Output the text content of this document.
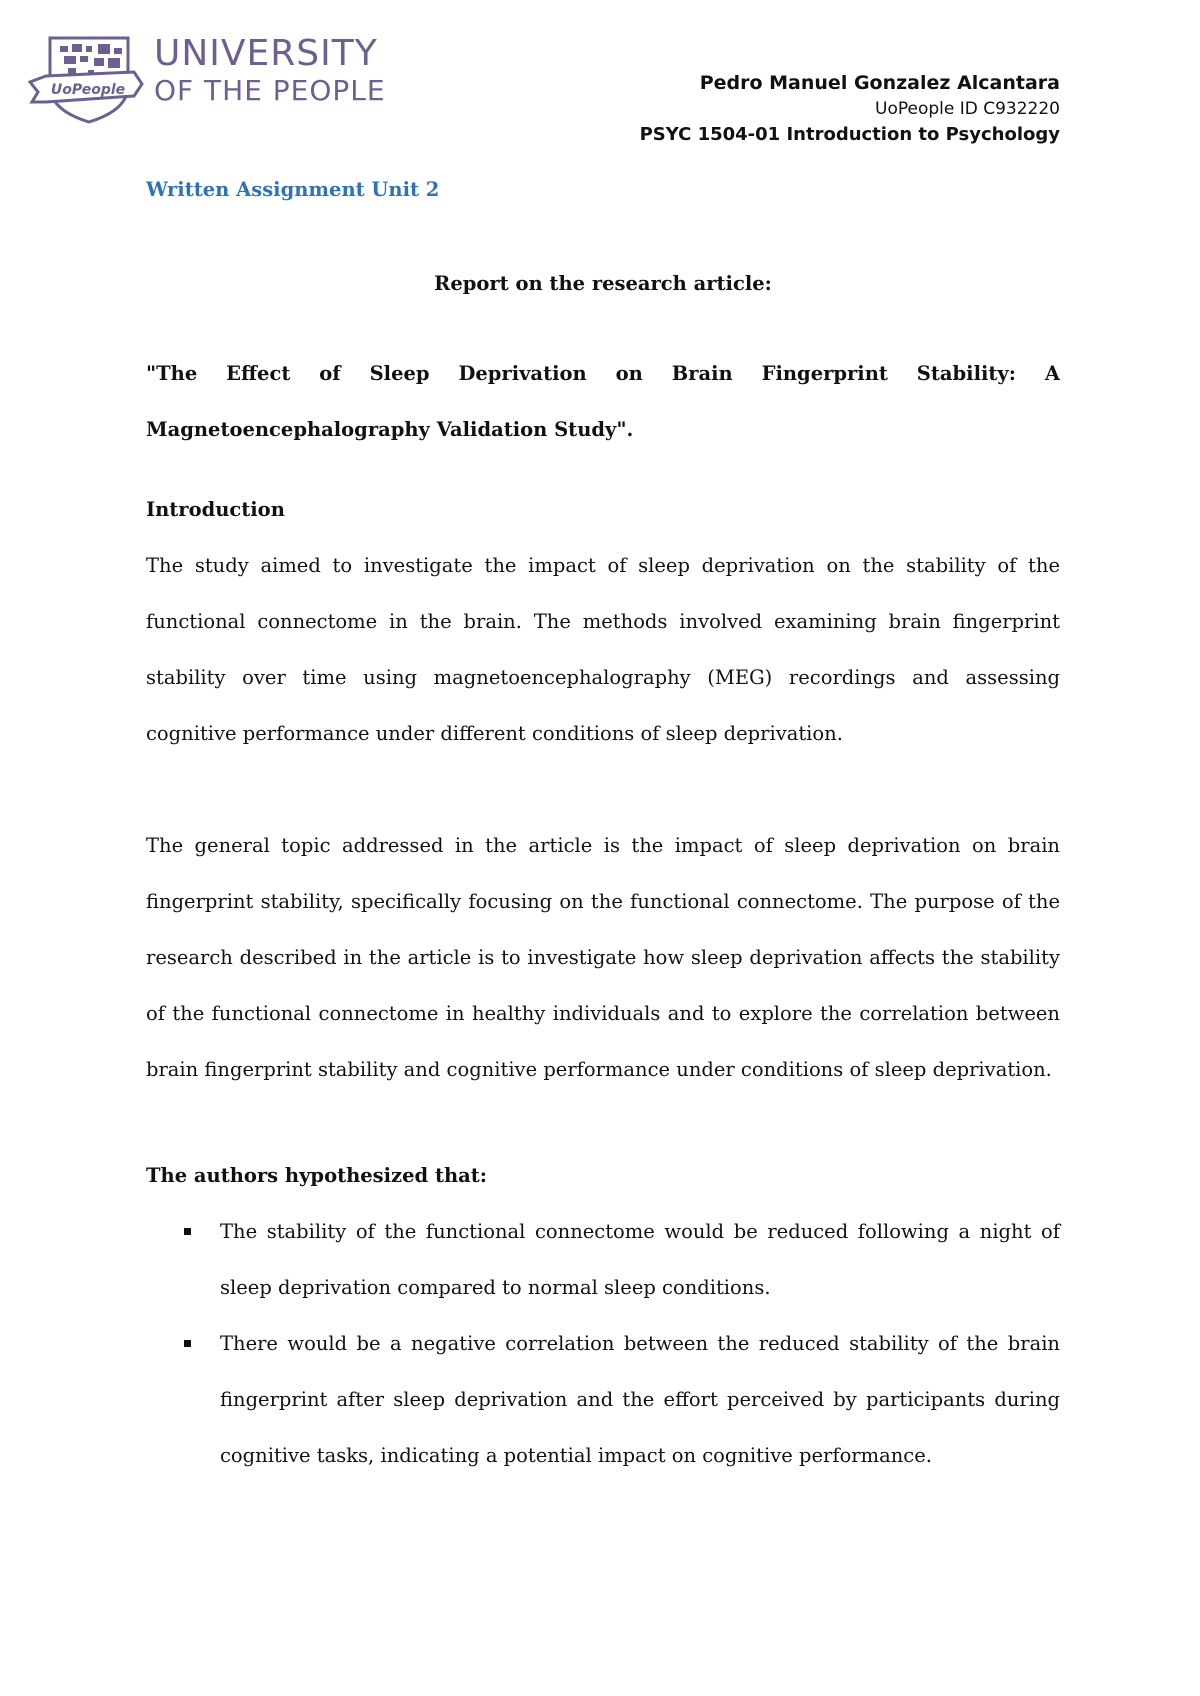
UoPeople
UNIVERSITY
OF THE PEOPLE	Pedro Manuel Gonzalez Alcantara
UoPeople ID C932220
PSYC 1504-01 Introduction to Psychology
Written Assignment Unit 2
Report on the research article:
"The Effect of Sleep Deprivation on Brain Fingerprint Stability: A Magnetoencephalography Validation Study".
Introduction

The study aimed to investigate the impact of sleep deprivation on the stability of the functional connectome in the brain. The methods involved examining brain fingerprint stability over time using magnetoencephalography (MEG) recordings and assessing cognitive performance under different conditions of sleep deprivation.

The general topic addressed in the article is the impact of sleep deprivation on brain fingerprint stability, specifically focusing on the functional connectome. The purpose of the research described in the article is to investigate how sleep deprivation affects the stability of the functional connectome in healthy individuals and to explore the correlation between brain fingerprint stability and cognitive performance under conditions of sleep deprivation.

The authors hypothesized that:
The stability of the functional connectome would be reduced following a night of sleep deprivation compared to normal sleep conditions.
There would be a negative correlation between the reduced stability of the brain fingerprint after sleep deprivation and the effort perceived by participants during cognitive tasks, indicating a potential impact on cognitive performance.
